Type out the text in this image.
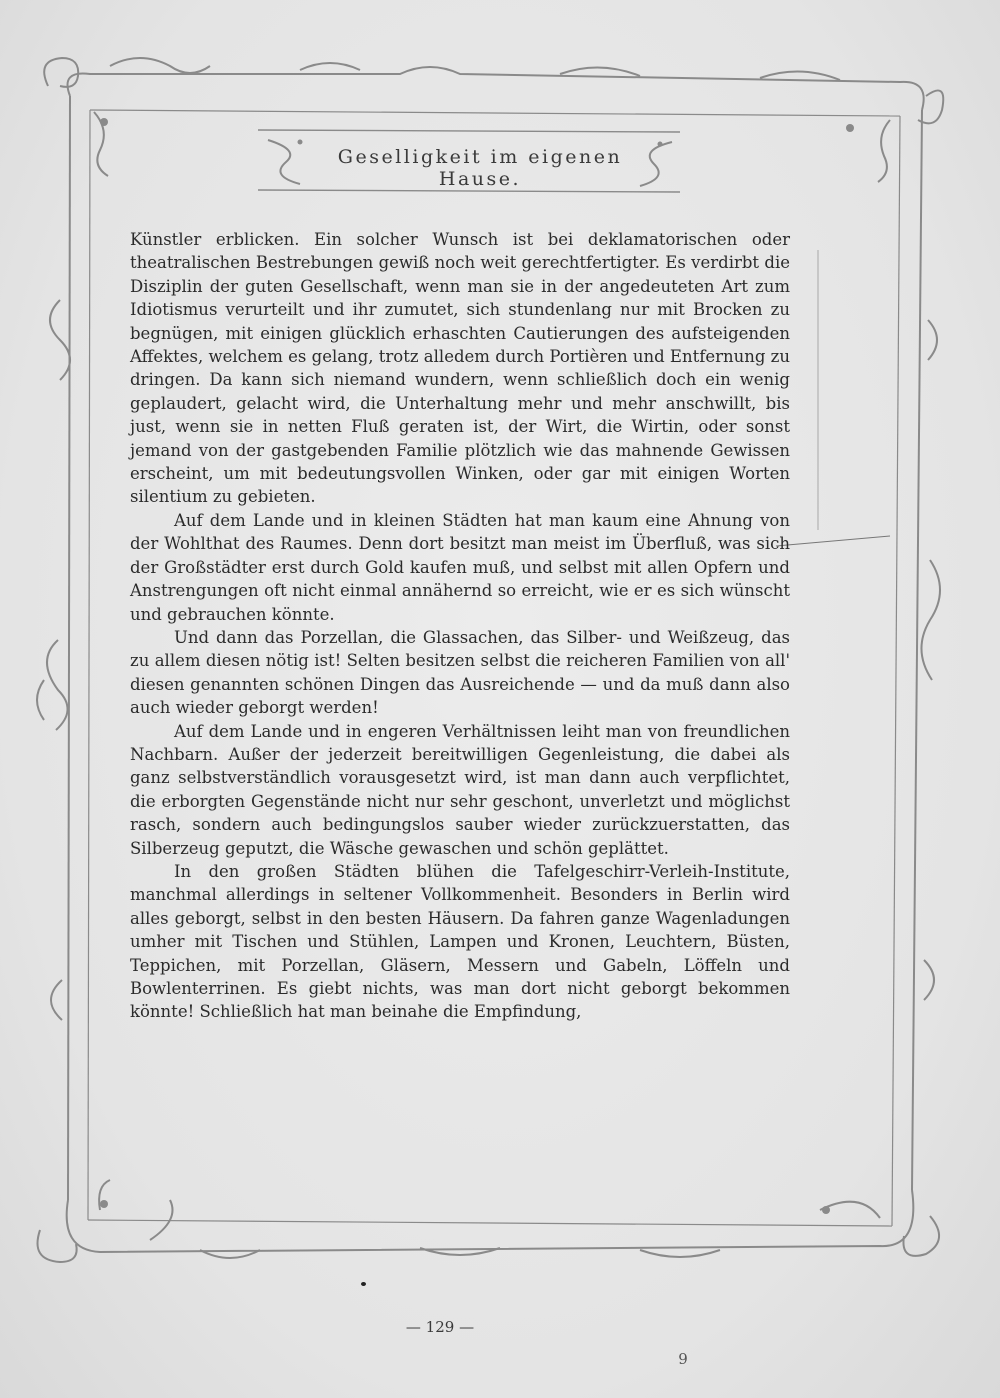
Geselligkeit im eigenen Hause.

Künstler erblicken. Ein solcher Wunsch ist bei deklamatorischen oder theatralischen Bestrebungen gewiß noch weit gerechtfertigter. Es verdirbt die Disziplin der guten Gesellschaft, wenn man sie in der angedeuteten Art zum Idiotismus verurteilt und ihr zumutet, sich stundenlang nur mit Brocken zu begnügen, mit einigen glücklich erhaschten Cautierungen des aufsteigenden Affektes, welchem es gelang, trotz alledem durch Portièren und Entfernung zu dringen. Da kann sich niemand wundern, wenn schließlich doch ein wenig geplaudert, gelacht wird, die Unterhaltung mehr und mehr anschwillt, bis just, wenn sie in netten Fluß geraten ist, der Wirt, die Wirtin, oder sonst jemand von der gastgebenden Familie plötzlich wie das mahnende Gewissen erscheint, um mit bedeutungsvollen Winken, oder gar mit einigen Worten silentium zu gebieten.

Auf dem Lande und in kleinen Städten hat man kaum eine Ahnung von der Wohlthat des Raumes. Denn dort besitzt man meist im Überfluß, was sich der Großstädter erst durch Gold kaufen muß, und selbst mit allen Opfern und Anstrengungen oft nicht einmal annähernd so erreicht, wie er es sich wünscht und gebrauchen könnte.

Und dann das Porzellan, die Glassachen, das Silber- und Weißzeug, das zu allem diesen nötig ist! Selten besitzen selbst die reicheren Familien von all' diesen genannten schönen Dingen das Ausreichende — und da muß dann also auch wieder geborgt werden!

Auf dem Lande und in engeren Verhältnissen leiht man von freundlichen Nachbarn. Außer der jederzeit bereitwilligen Gegenleistung, die dabei als ganz selbstverständlich vorausgesetzt wird, ist man dann auch verpflichtet, die erborgten Gegenstände nicht nur sehr geschont, unverletzt und möglichst rasch, sondern auch bedingungslos sauber wieder zurückzuerstatten, das Silberzeug geputzt, die Wäsche gewaschen und schön geplättet.

In den großen Städten blühen die Tafelgeschirr-Verleih-Institute, manchmal allerdings in seltener Vollkommenheit. Besonders in Berlin wird alles geborgt, selbst in den besten Häusern. Da fahren ganze Wagenladungen umher mit Tischen und Stühlen, Lampen und Kronen, Leuchtern, Büsten, Teppichen, mit Porzellan, Gläsern, Messern und Gabeln, Löffeln und Bowlenterrinen. Es giebt nichts, was man dort nicht geborgt bekommen könnte! Schließlich hat man beinahe die Empfindung,

— 129 —
9
